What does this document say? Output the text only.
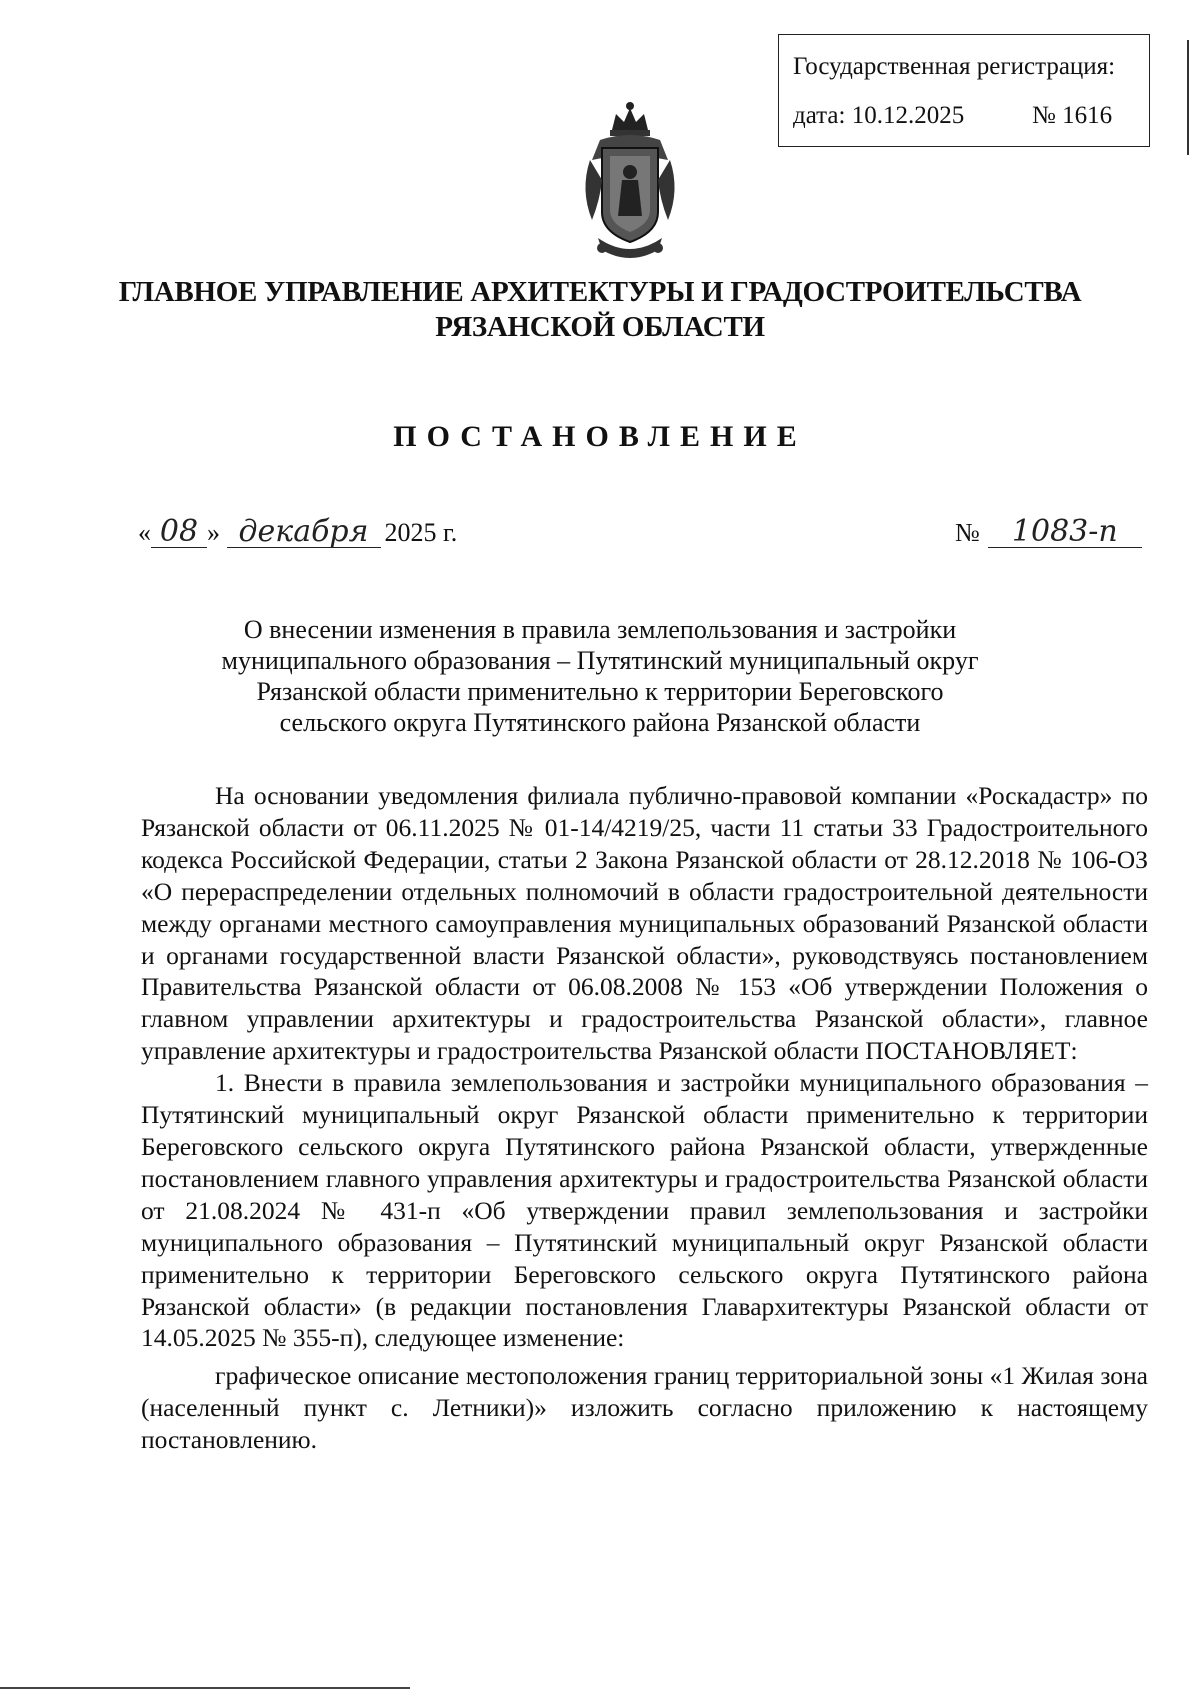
Государственная регистрация:
дата: 10.12.2025	№ 1616
ГЛАВНОЕ УПРАВЛЕНИЕ АРХИТЕКТУРЫ И ГРАДОСТРОИТЕЛЬСТВА
РЯЗАНСКОЙ ОБЛАСТИ
ПОСТАНОВЛЕНИЕ
« 08 » декабря 2025 г.	№ 1083-п
О внесении изменения в правила землепользования и застройки
муниципального образования – Путятинский муниципальный округ
Рязанской области применительно к территории Береговского
сельского округа Путятинского района Рязанской области

На основании уведомления филиала публично-правовой компании «Роскадастр» по Рязанской области от 06.11.2025 № 01-14/4219/25, части 11 статьи 33 Градостроительного кодекса Российской Федерации, статьи 2 Закона Рязанской области от 28.12.2018 № 106-ОЗ «О перераспределении отдельных полномочий в области градостроительной деятельности между органами местного самоуправления муниципальных образований Рязанской области и органами государственной власти Рязанской области», руководствуясь постановлением Правительства Рязанской области от 06.08.2008 № 153 «Об утверждении Положения о главном управлении архитектуры и градостроительства Рязанской области», главное управление архитектуры и градостроительства Рязанской области ПОСТАНОВЛЯЕТ:

1. Внести в правила землепользования и застройки муниципального образования – Путятинский муниципальный округ Рязанской области применительно к территории Береговского сельского округа Путятинского района Рязанской области, утвержденные постановлением главного управления архитектуры и градостроительства Рязанской области от 21.08.2024 № 431-п «Об утверждении правил землепользования и застройки муниципального образования – Путятинский муниципальный округ Рязанской области применительно к территории Береговского сельского округа Путятинского района Рязанской области» (в редакции постановления Главархитектуры Рязанской области от 14.05.2025 № 355-п), следующее изменение:

графическое описание местоположения границ территориальной зоны «1 Жилая зона (населенный пункт с. Летники)» изложить согласно приложению к настоящему постановлению.
